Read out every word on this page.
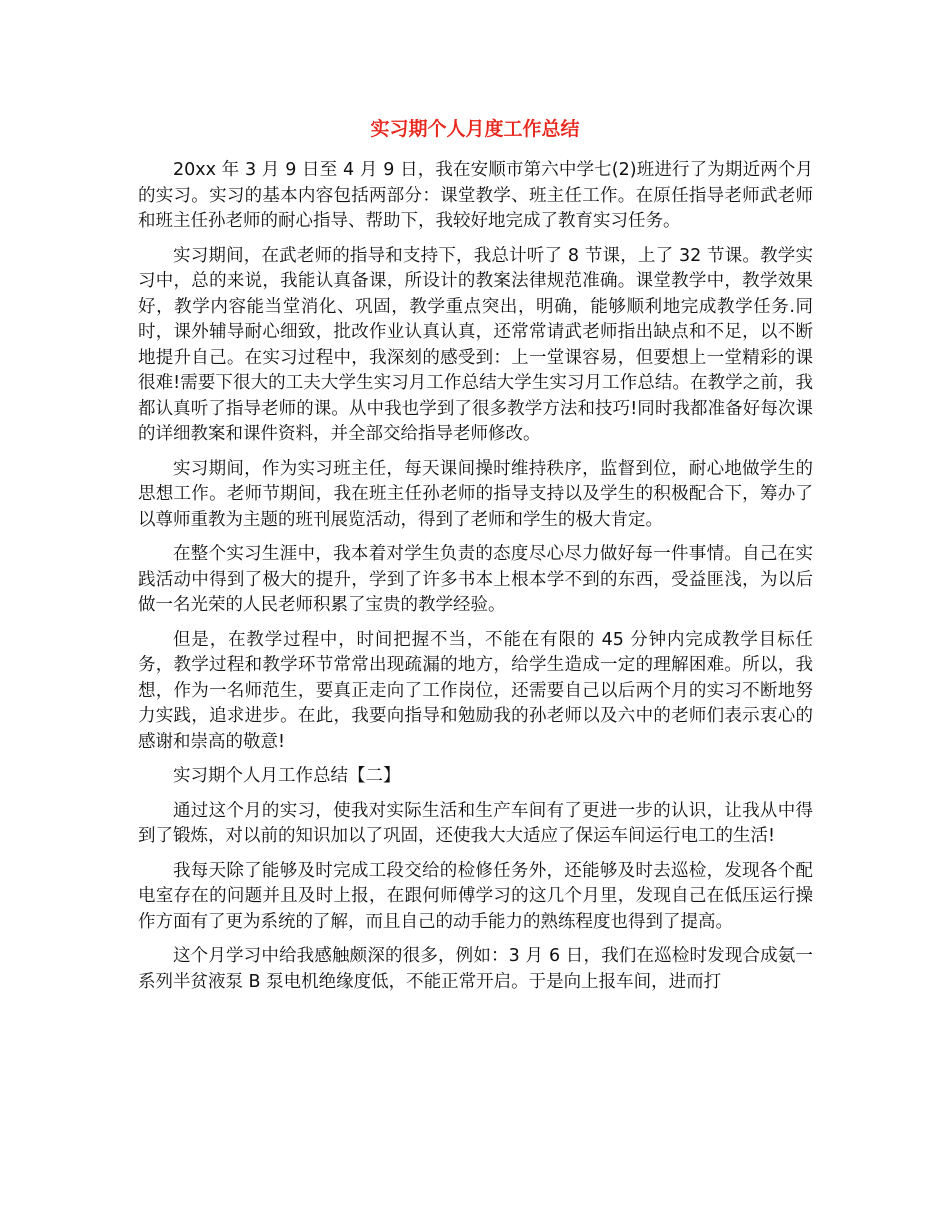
实习期个人月度工作总结

20xx 年 3 月 9 日至 4 月 9 日，我在安顺市第六中学七(2)班进行了为期近两个月的实习。实习的基本内容包括两部分：课堂教学、班主任工作。在原任指导老师武老师和班主任孙老师的耐心指导、帮助下，我较好地完成了教育实习任务。

实习期间，在武老师的指导和支持下，我总计听了 8 节课，上了 32 节课。教学实习中，总的来说，我能认真备课，所设计的教案法律规范准确。课堂教学中，教学效果好，教学内容能当堂消化、巩固，教学重点突出，明确，能够顺利地完成教学任务.同时，课外辅导耐心细致，批改作业认真认真，还常常请武老师指出缺点和不足，以不断地提升自己。在实习过程中，我深刻的感受到：上一堂课容易，但要想上一堂精彩的课很难!需要下很大的工夫大学生实习月工作总结大学生实习月工作总结。在教学之前，我都认真听了指导老师的课。从中我也学到了很多教学方法和技巧!同时我都准备好每次课的详细教案和课件资料，并全部交给指导老师修改。

实习期间，作为实习班主任，每天课间操时维持秩序，监督到位，耐心地做学生的思想工作。老师节期间，我在班主任孙老师的指导支持以及学生的积极配合下，筹办了以尊师重教为主题的班刊展览活动，得到了老师和学生的极大肯定。

在整个实习生涯中，我本着对学生负责的态度尽心尽力做好每一件事情。自己在实践活动中得到了极大的提升，学到了许多书本上根本学不到的东西，受益匪浅，为以后做一名光荣的人民老师积累了宝贵的教学经验。

但是，在教学过程中，时间把握不当，不能在有限的 45 分钟内完成教学目标任务，教学过程和教学环节常常出现疏漏的地方，给学生造成一定的理解困难。所以，我想，作为一名师范生，要真正走向了工作岗位，还需要自己以后两个月的实习不断地努力实践，追求进步。在此，我要向指导和勉励我的孙老师以及六中的老师们表示衷心的感谢和崇高的敬意!

实习期个人月工作总结【二】

通过这个月的实习，使我对实际生活和生产车间有了更进一步的认识，让我从中得到了锻炼，对以前的知识加以了巩固，还使我大大适应了保运车间运行电工的生活!

我每天除了能够及时完成工段交给的检修任务外，还能够及时去巡检，发现各个配电室存在的问题并且及时上报，在跟何师傅学习的这几个月里，发现自己在低压运行操作方面有了更为系统的了解，而且自己的动手能力的熟练程度也得到了提高。

这个月学习中给我感触颇深的很多，例如：3 月 6 日，我们在巡检时发现合成氨一系列半贫液泵 B 泵电机绝缘度低，不能正常开启。于是向上报车间，进而打
